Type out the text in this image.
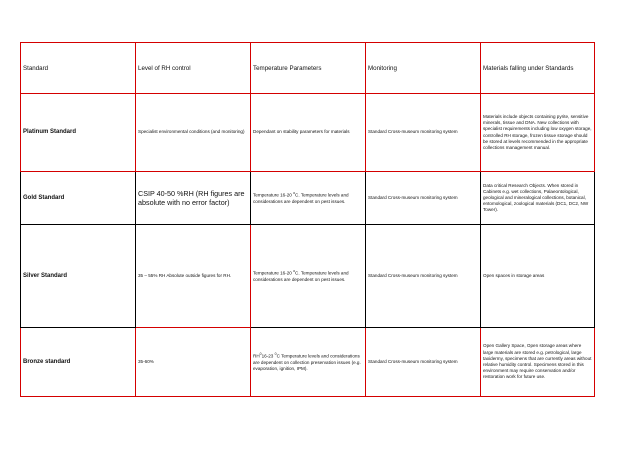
Standard	Level of RH control	Temperature Parameters	Monitoring	Materials falling under Standards
Platinum Standard	Specialist environmental conditions (and monitoring)	Dependant on stability parameters for materials	Standard Cross-museum monitoring system	Materials include objects containing pyrite, sensitive minerals, tissue and DNA. New collections with specialist requirements including low oxygen storage, controlled RH storage, frozen tissue storage should be stored at levels recommended in the appropriate collections management manual.
Gold Standard	CSIP 40-50 %RH (RH figures are absolute with no error factor)	Temperature 16-20 $^o$C. Temperature levels and considerations are dependent on pest issues.	Standard Cross-museum monitoring system	Data critical Research Objects. When stored in Cabinets e.g. wet collections, Palaeontological, geological and mineralogical collections, botanical, entomological, zoological materials (DC1, DC2, NW Tower).
Silver Standard	35 – 55% RH Absolute outside figures for RH.	Temperature 16-20 $^o$C. Temperature levels and considerations are dependent on pest issues.	Standard Cross-museum monitoring system	Open spaces in storage areas
Bronze standard	35-60%	$RH^016-23$ $^0$C Temperature levels and considerations are dependent on collection preservation issues (e.g. evaporation, ignition, IPM).	Standard Cross-museum monitoring system	Open Gallery Space, Open storage areas where large materials are stored e.g. petrological, large taxidermy, specimens that are currently areas without relative humidity control. Specimens stored in this environment may require conservation and/or restoration work for future use.
